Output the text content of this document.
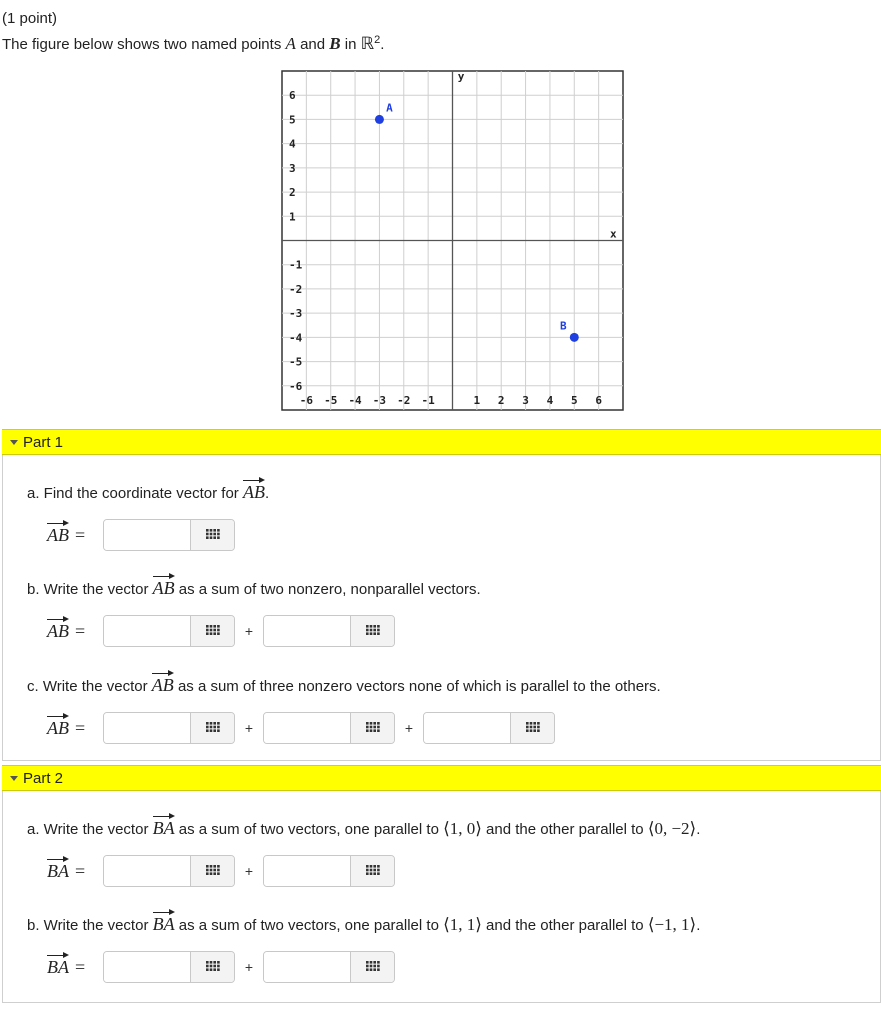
(1 point)
The figure below shows two named points A and B in ℝ$^2$.
-6 -5 -4 -3 -2 -1	1 2 3 4 5 6
6
5
4
3
2
1
-1
-2
-3
-4
-5
-6
x
y
A
B
Part 1
a. Find the coordinate vector for AB.
AB =
b. Write the vector AB as a sum of two nonzero, nonparallel vectors.
AB =	+
c. Write the vector AB as a sum of three nonzero vectors none of which is parallel to the others.
AB =	+	+
Part 2
a. Write the vector BA as a sum of two vectors, one parallel to ⟨1, 0⟩ and the other parallel to ⟨0, −2⟩.
BA =	+
b. Write the vector BA as a sum of two vectors, one parallel to ⟨1, 1⟩ and the other parallel to ⟨−1, 1⟩.
BA =	+
